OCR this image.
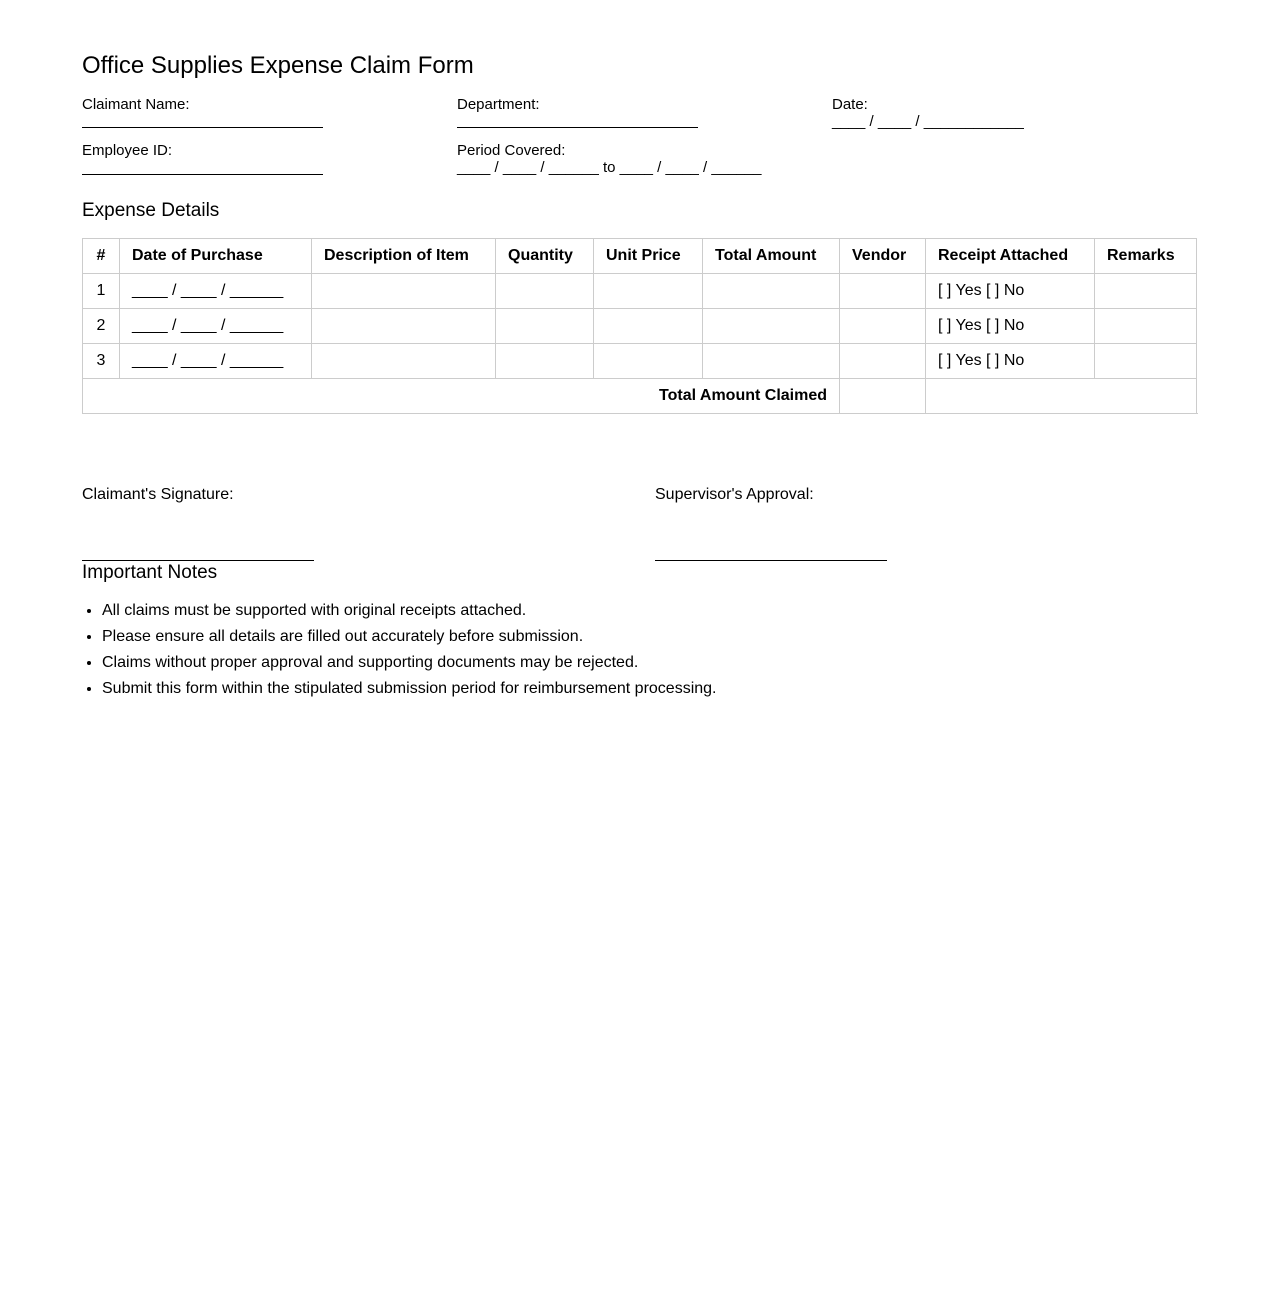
Office Supplies Expense Claim Form
Claimant Name:	Department:	Date:
____ / ____ / ____________
Employee ID:	Period Covered:
____ / ____ / ______ to ____ / ____ / ______
Expense Details
#	Date of Purchase	Description of Item	Quantity	Unit Price	Total Amount	Vendor	Receipt Attached	Remarks
1	____ / ____ / ______						[ ] Yes [ ] No	
2	____ / ____ / ______						[ ] Yes [ ] No	
3	____ / ____ / ______						[ ] Yes [ ] No	
Total Amount Claimed								
Claimant's Signature:	Supervisor's Approval:
Important Notes
• All claims must be supported with original receipts attached.
• Please ensure all details are filled out accurately before submission.
• Claims without proper approval and supporting documents may be rejected.
• Submit this form within the stipulated submission period for reimbursement processing.
